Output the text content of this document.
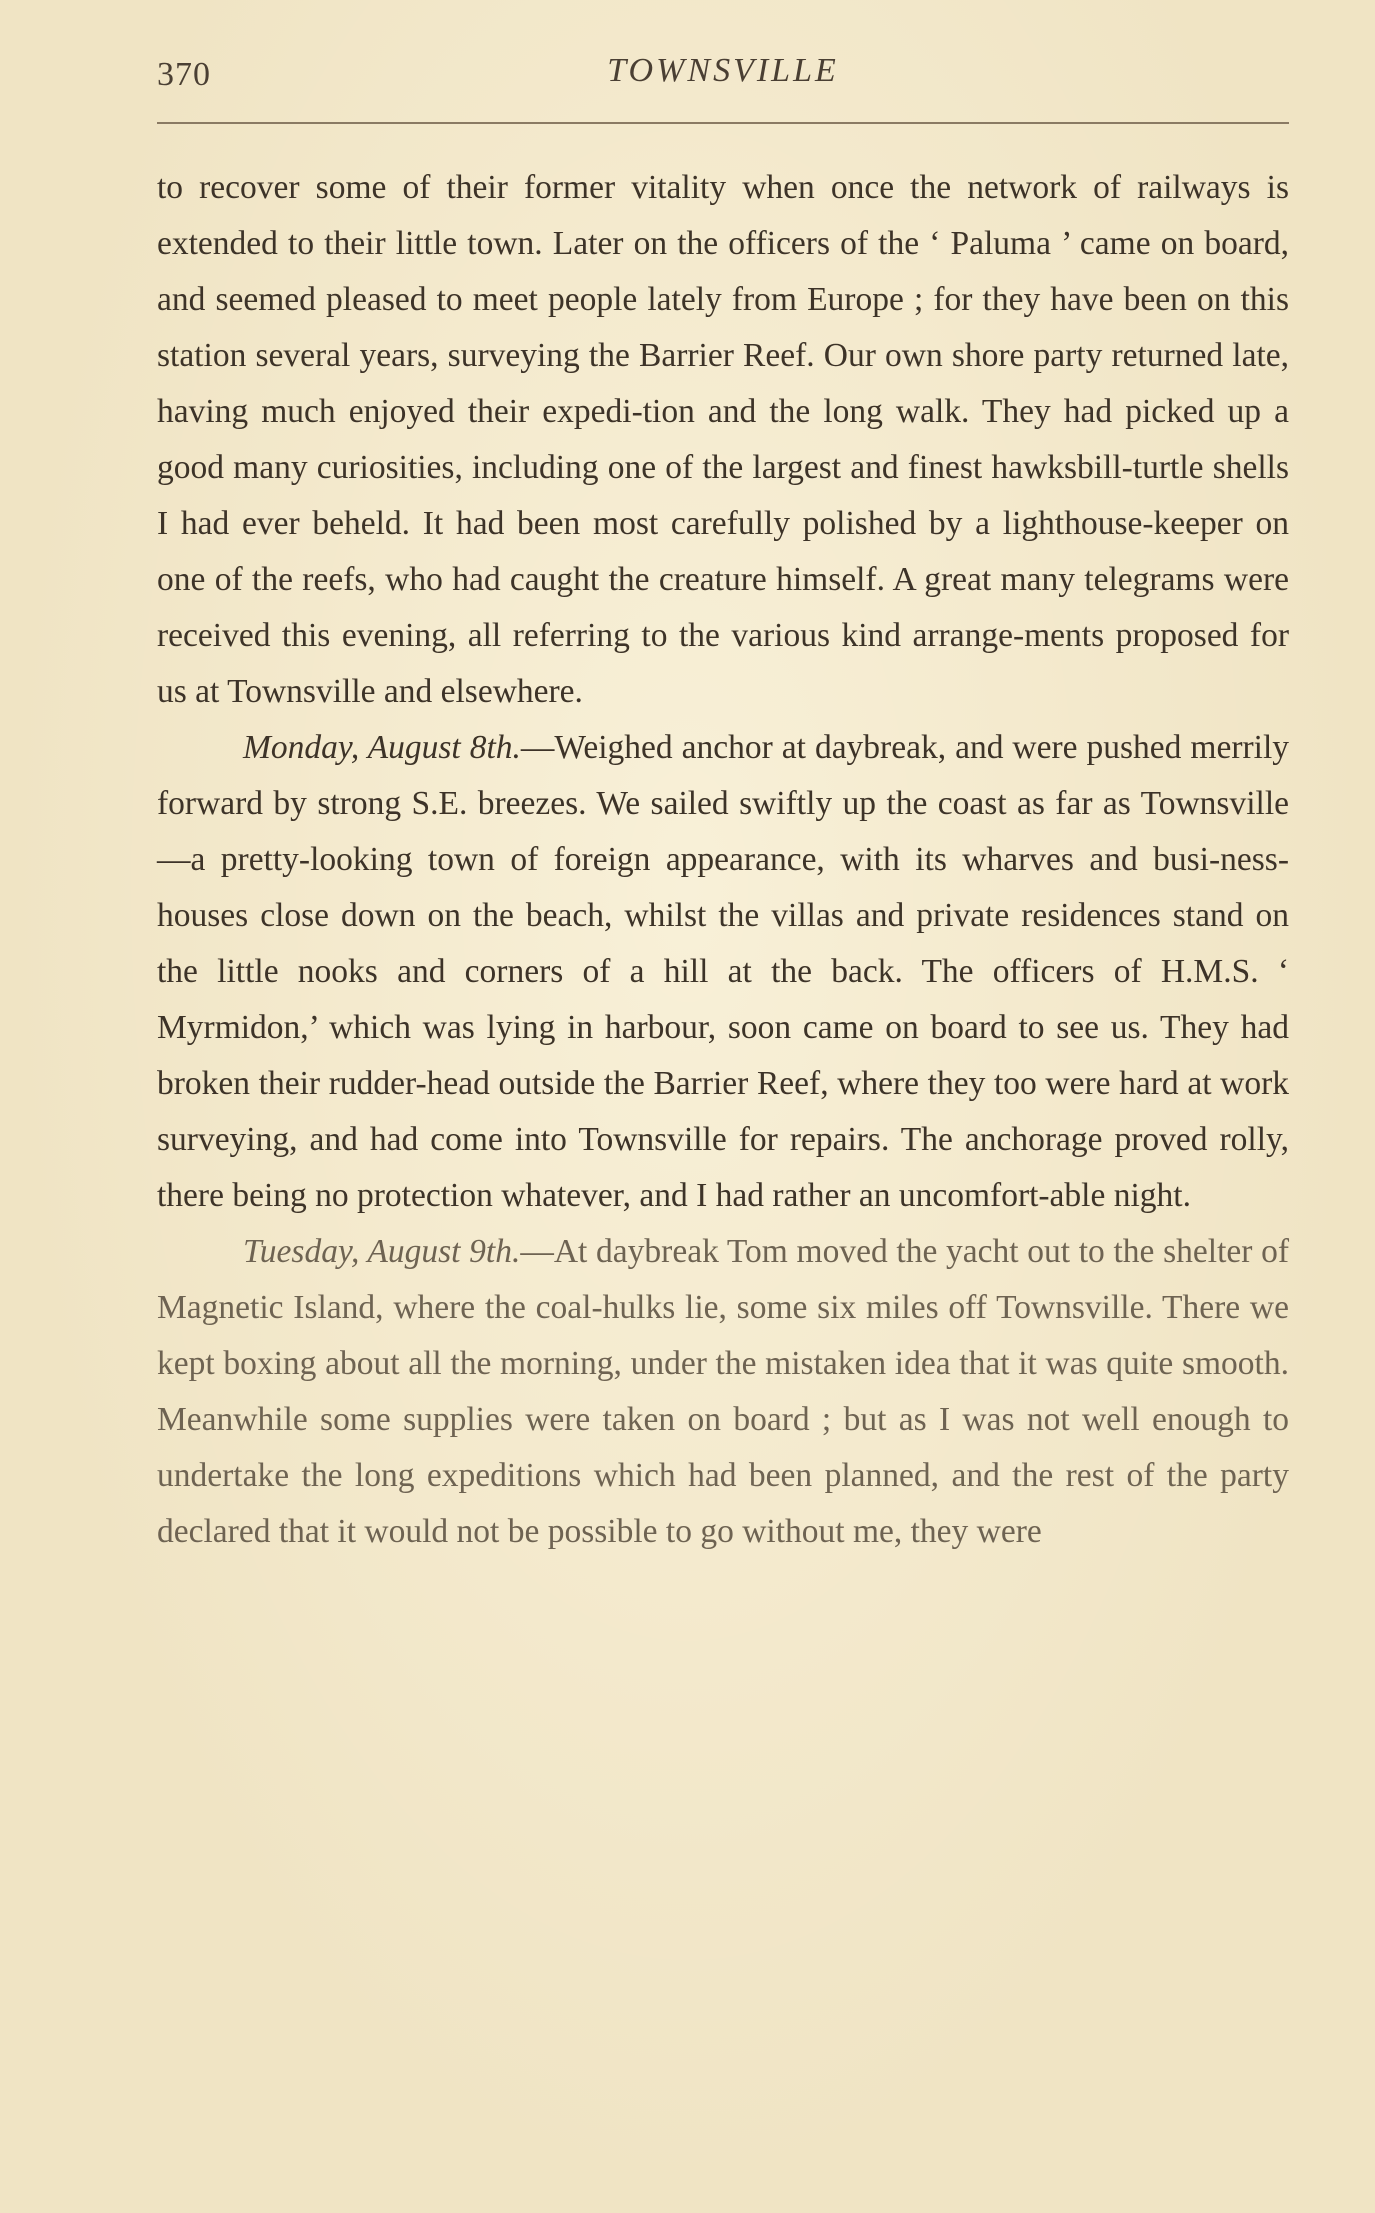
370	TOWNSVILLE

to recover some of their former vitality when once the network of railways is extended to their little town. Later on the officers of the ‘ Paluma ’ came on board, and seemed pleased to meet people lately from Europe ; for they have been on this station several years, surveying the Barrier Reef. Our own shore party returned late, having much enjoyed their expedi-tion and the long walk. They had picked up a good many curiosities, including one of the largest and finest hawksbill-turtle shells I had ever beheld. It had been most carefully polished by a lighthouse-keeper on one of the reefs, who had caught the creature himself. A great many telegrams were received this evening, all referring to the various kind arrange-ments proposed for us at Townsville and elsewhere.

Monday, August 8th.—Weighed anchor at daybreak, and were pushed merrily forward by strong S.E. breezes. We sailed swiftly up the coast as far as Townsville—a pretty-looking town of foreign appearance, with its wharves and busi-ness-houses close down on the beach, whilst the villas and private residences stand on the little nooks and corners of a hill at the back. The officers of H.M.S. ‘ Myrmidon,’ which was lying in harbour, soon came on board to see us. They had broken their rudder-head outside the Barrier Reef, where they too were hard at work surveying, and had come into Townsville for repairs. The anchorage proved rolly, there being no protection whatever, and I had rather an uncomfort-able night.

Tuesday, August 9th.—At daybreak Tom moved the yacht out to the shelter of Magnetic Island, where the coal-hulks lie, some six miles off Townsville. There we kept boxing about all the morning, under the mistaken idea that it was quite smooth. Meanwhile some supplies were taken on board ; but as I was not well enough to undertake the long expeditions which had been planned, and the rest of the party declared that it would not be possible to go without me, they were
